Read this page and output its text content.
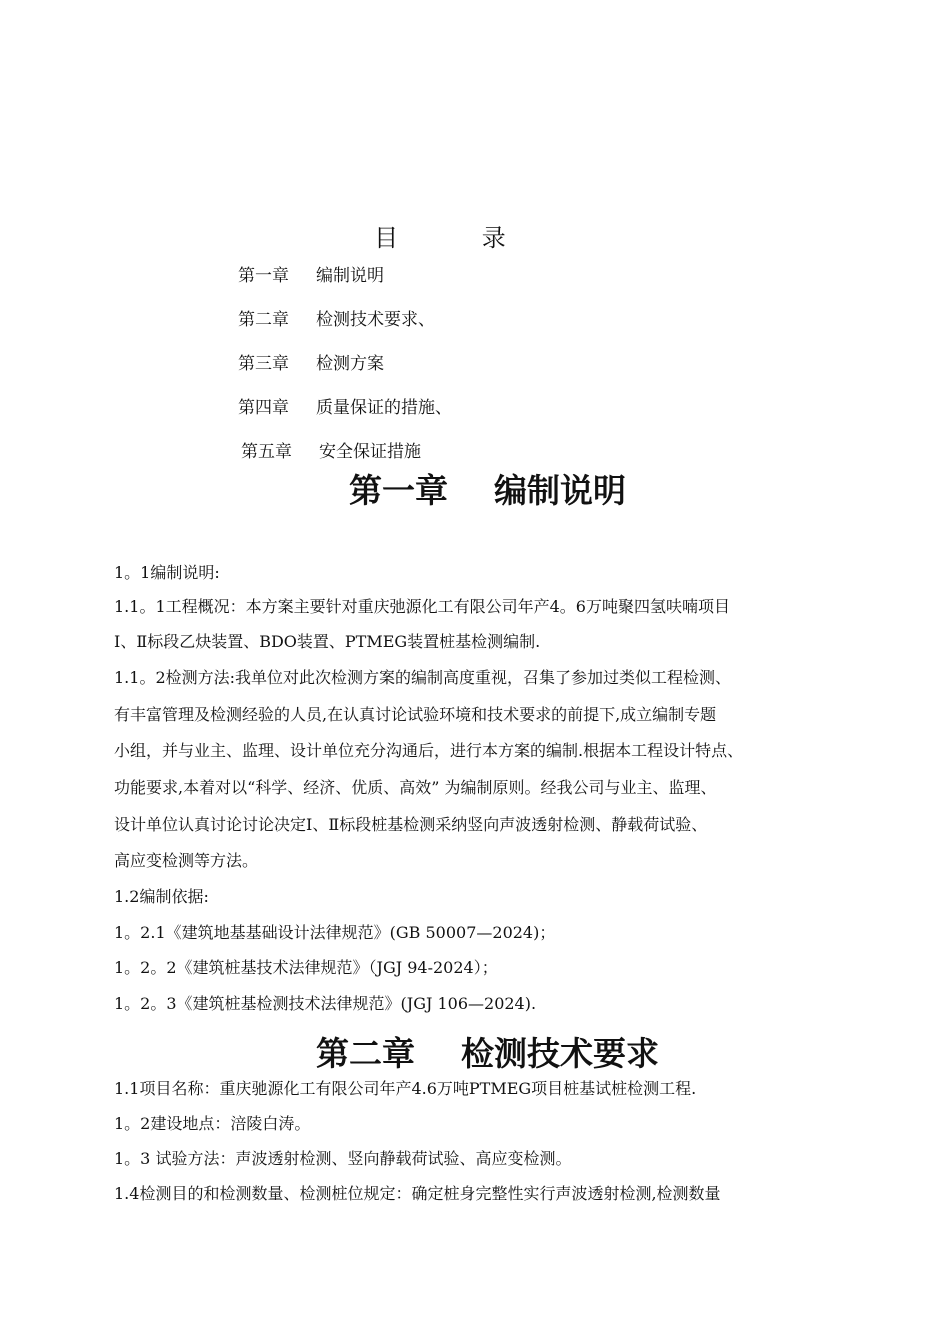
目 录
第一章 编制说明
第二章 检测技术要求、
第三章 检测方案
第四章 质量保证的措施、
第五章 安全保证措施
第一章    编制说明
1。1编制说明:
1.1。1工程概况：本方案主要针对重庆弛源化工有限公司年产4。6万吨聚四氢呋喃项目
Ⅰ、Ⅱ标段乙炔装置、BDO装置、PTMEG装置桩基检测编制.
1.1。2检测方法:我单位对此次检测方案的编制高度重视，召集了参加过类似工程检测、
有丰富管理及检测经验的人员,在认真讨论试验环境和技术要求的前提下,成立编制专题
小组，并与业主、监理、设计单位充分沟通后，进行本方案的编制.根据本工程设计特点、
功能要求,本着对以“科学、经济、优质、高效” 为编制原则。经我公司与业主、监理、
设计单位认真讨论讨论决定Ⅰ、Ⅱ标段桩基检测采纳竖向声波透射检测、静载荷试验、
高应变检测等方法。
1.2编制依据:
1。2.1《建筑地基基础设计法律规范》(GB 50007—2024)；
1。2。2《建筑桩基技术法律规范》（JGJ 94-2024）；
1。2。3《建筑桩基检测技术法律规范》(JGJ 106—2024).
第二章    检测技术要求
1.1项目名称：重庆驰源化工有限公司年产4.6万吨PTMEG项目桩基试桩检测工程.
1。2建设地点：涪陵白涛。
1。3 试验方法：声波透射检测、竖向静载荷试验、高应变检测。
1.4检测目的和检测数量、检测桩位规定：确定桩身完整性实行声波透射检测,检测数量
